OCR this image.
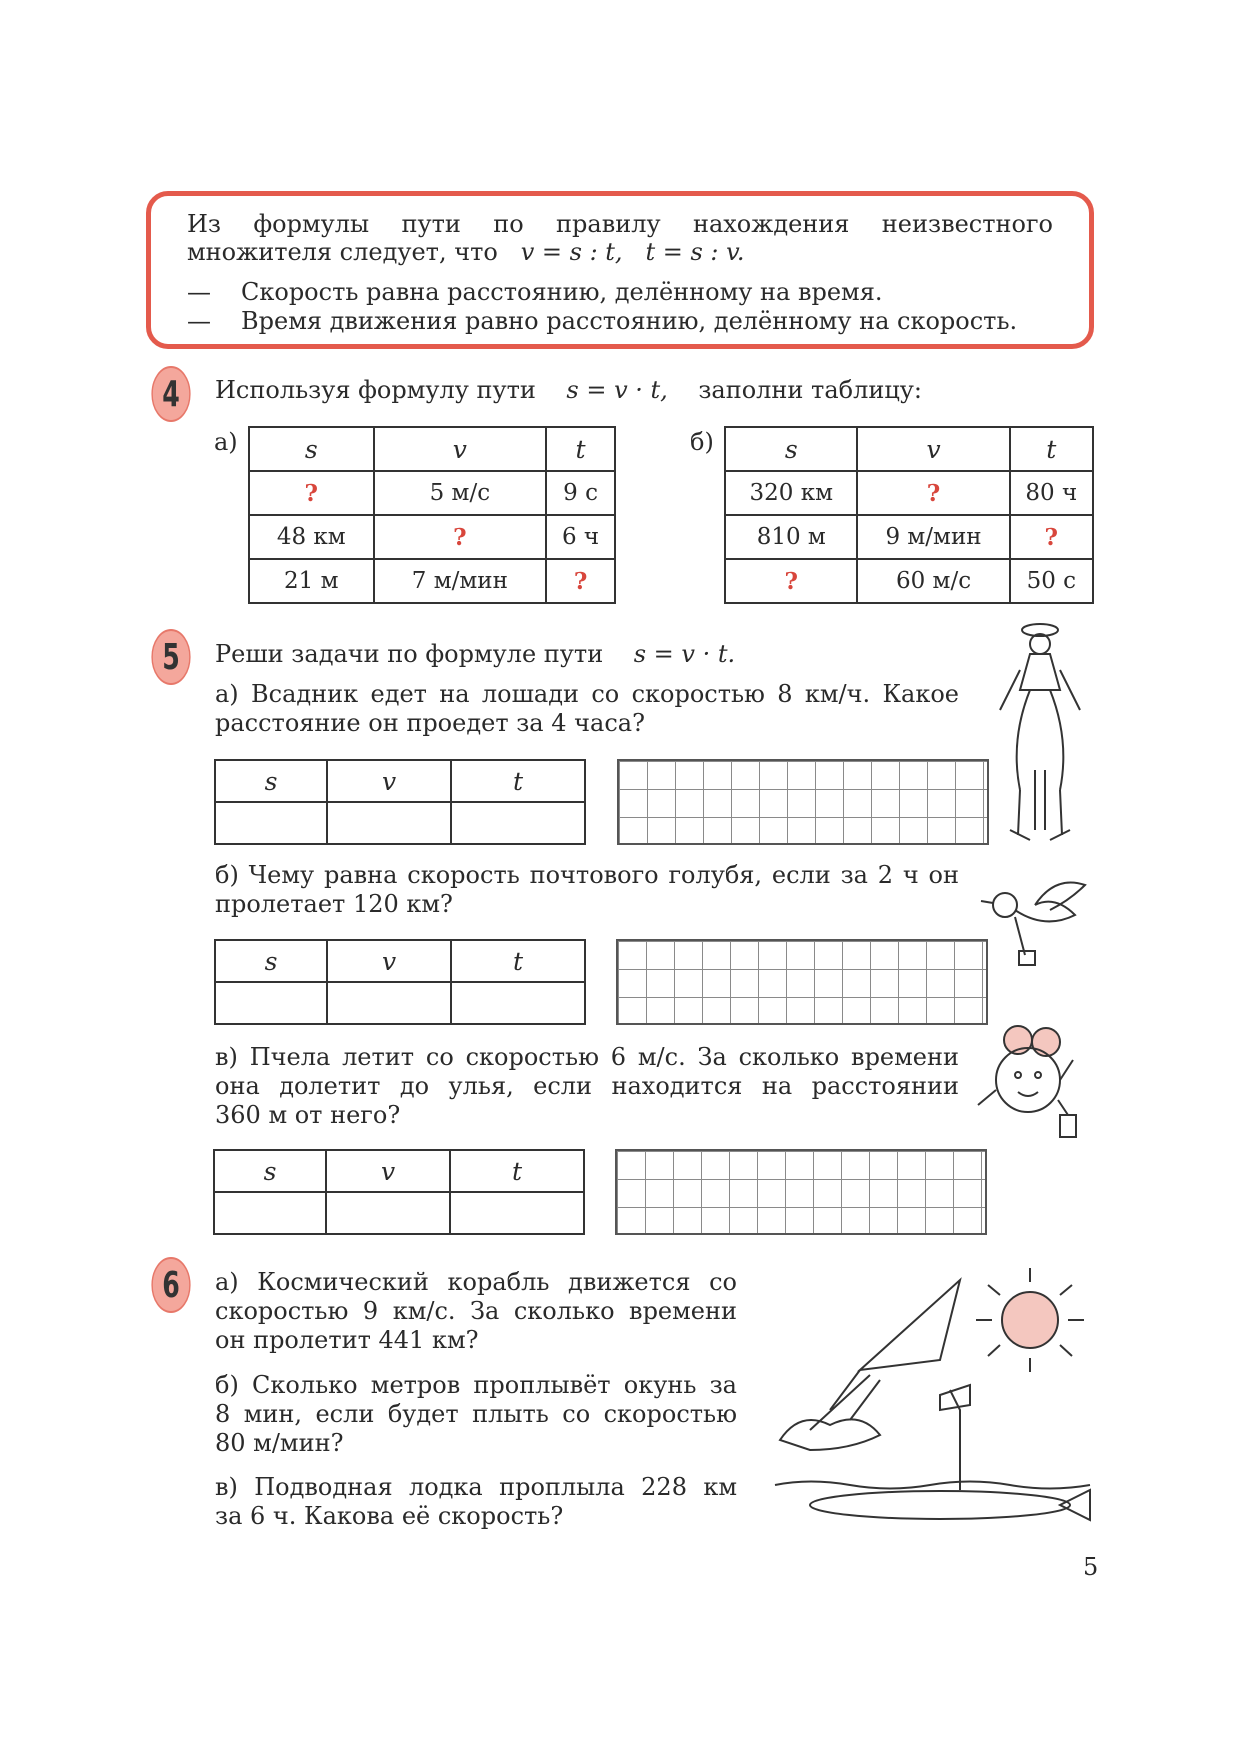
Из формулы пути по правилу нахождения неизвестного
множителя следует, что v = s : t, t = s : v.
— Скорость равна расстоянию, делённому на время.
— Время движения равно расстоянию, делённому на скорость.
4	Используя формулу пути s = v · t, заполни таблицу:
а)	s	v	t
?	5 м/с	9 с
48 км	?	6 ч
21 м	7 м/мин	?
б)	s	v	t
320 км	?	80 ч
810 м	9 м/мин	?
?	60 м/с	50 с
5	Реши задачи по формуле пути s = v · t.
а) Всадник едет на лошади со скоростью 8 км/ч. Какое
расстояние он проедет за 4 часа?
s	v	t

б) Чему равна скорость почтового голубя, если за 2 ч он
пролетает 120 км?
s	v	t

в) Пчела летит со скоростью 6 м/с. За сколько времени
она долетит до улья, если находится на расстоянии
360 м от него?
s	v	t

6	а) Космический корабль движется со
скоростью 9 км/с. За сколько времени
он пролетит 441 км?
б) Сколько метров проплывёт окунь за
8 мин, если будет плыть со скоростью
80 м/мин?
в) Подводная лодка проплыла 228 км
за 6 ч. Какова её скорость?
5
